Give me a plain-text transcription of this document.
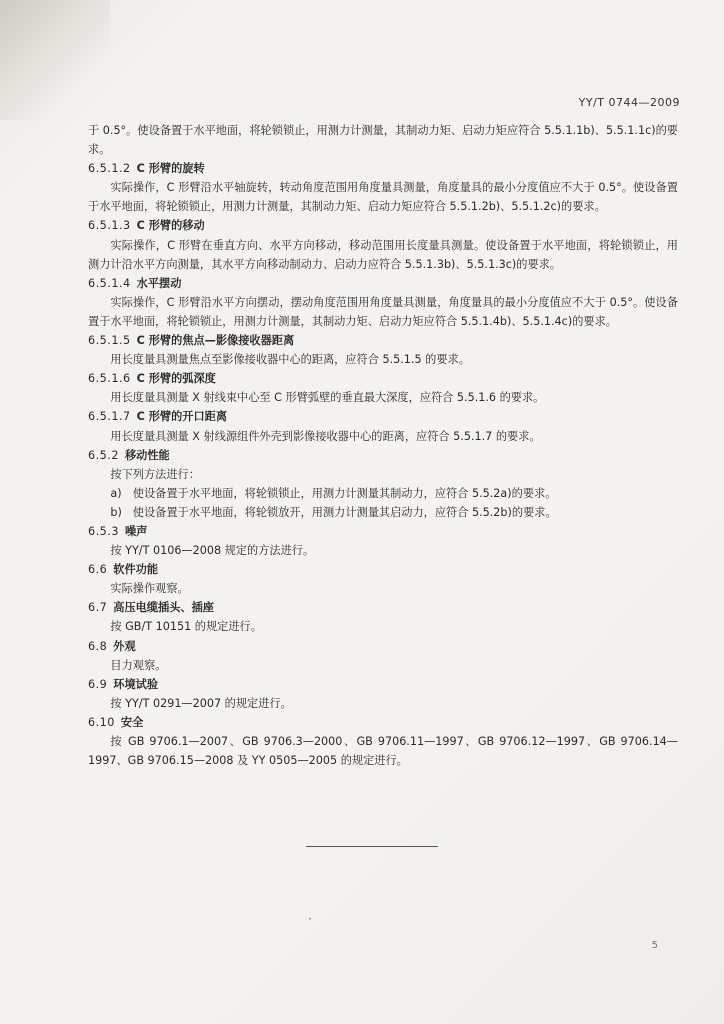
YY/T 0744—2009

于 0.5°。使设备置于水平地面，将轮锁锁止，用测力计测量，其制动力矩、启动力矩应符合 5.5.1.1b)、5.5.1.1c)的要求。

6.5.1.2 C 形臂的旋转

实际操作，C 形臂沿水平轴旋转，转动角度范围用角度量具测量，角度量具的最小分度值应不大于 0.5°。使设备置于水平地面，将轮锁锁止，用测力计测量，其制动力矩、启动力矩应符合 5.5.1.2b)、5.5.1.2c)的要求。

6.5.1.3 C 形臂的移动

实际操作，C 形臂在垂直方向、水平方向移动，移动范围用长度量具测量。使设备置于水平地面，将轮锁锁止，用测力计沿水平方向测量，其水平方向移动制动力、启动力应符合 5.5.1.3b)、5.5.1.3c)的要求。

6.5.1.4 水平摆动

实际操作，C 形臂沿水平方向摆动，摆动角度范围用角度量具测量，角度量具的最小分度值应不大于 0.5°。使设备置于水平地面，将轮锁锁止，用测力计测量，其制动力矩、启动力矩应符合 5.5.1.4b)、5.5.1.4c)的要求。

6.5.1.5 C 形臂的焦点—影像接收器距离

用长度量具测量焦点至影像接收器中心的距离，应符合 5.5.1.5 的要求。

6.5.1.6 C 形臂的弧深度

用长度量具测量 X 射线束中心至 C 形臂弧壁的垂直最大深度，应符合 5.5.1.6 的要求。

6.5.1.7 C 形臂的开口距离

用长度量具测量 X 射线源组件外壳到影像接收器中心的距离，应符合 5.5.1.7 的要求。

6.5.2 移动性能

按下列方法进行：

a) 使设备置于水平地面，将轮锁锁止，用测力计测量其制动力，应符合 5.5.2a)的要求。

b) 使设备置于水平地面，将轮锁放开，用测力计测量其启动力，应符合 5.5.2b)的要求。

6.5.3 噪声

按 YY/T 0106—2008 规定的方法进行。

6.6 软件功能

实际操作观察。

6.7 高压电缆插头、插座

按 GB/T 10151 的规定进行。

6.8 外观

目力观察。

6.9 环境试验

按 YY/T 0291—2007 的规定进行。

6.10 安全

按 GB 9706.1—2007、GB 9706.3—2000、GB 9706.11—1997、GB 9706.12—1997、GB 9706.14—1997、GB 9706.15—2008 及 YY 0505—2005 的规定进行。

·
5
